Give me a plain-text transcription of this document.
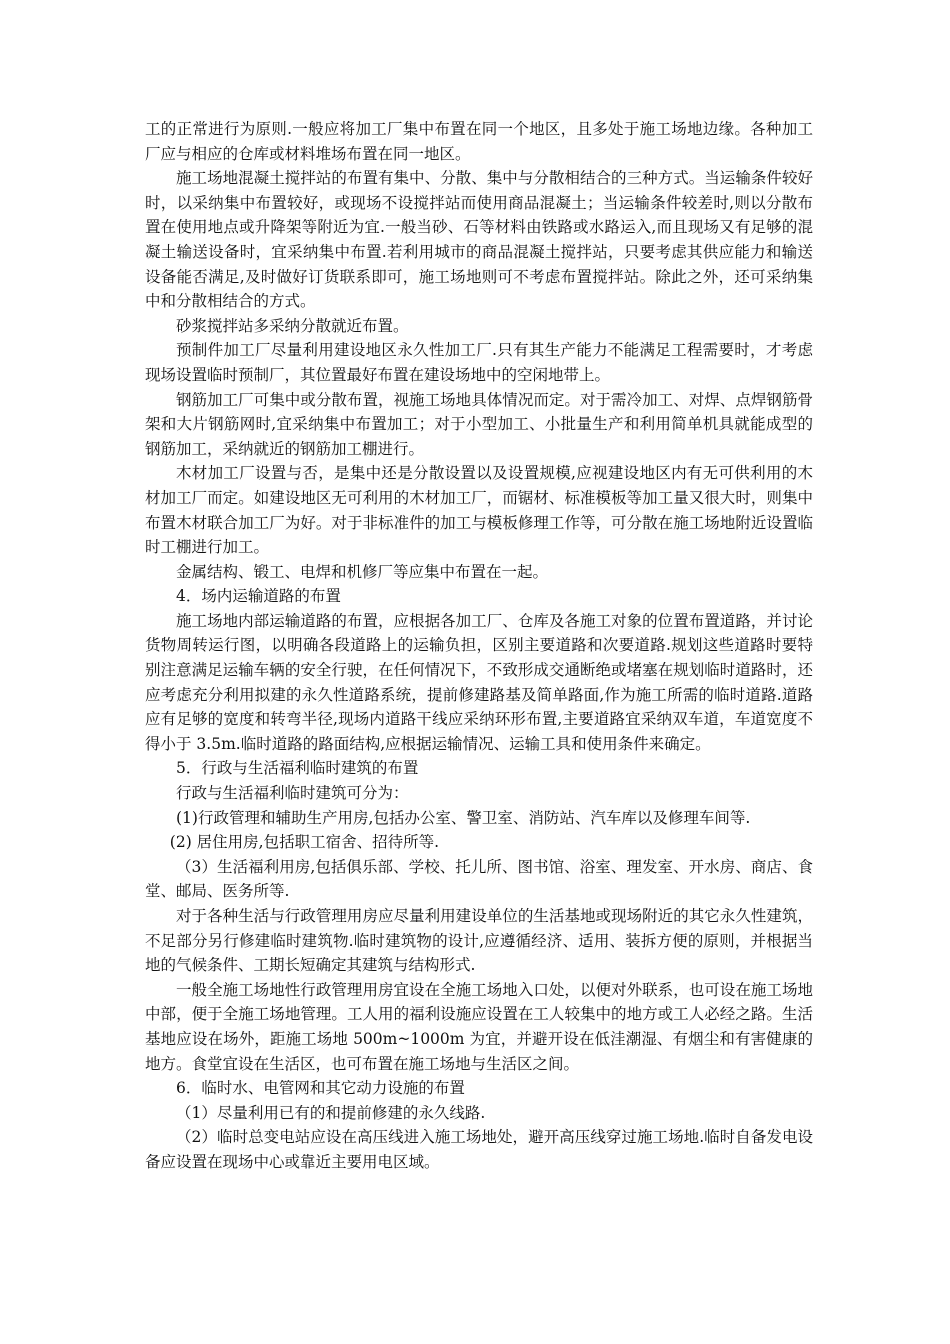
工的正常进行为原则.一般应将加工厂集中布置在同一个地区，且多处于施工场地边缘。各种加工厂应与相应的仓库或材料堆场布置在同一地区。

施工场地混凝土搅拌站的布置有集中、分散、集中与分散相结合的三种方式。当运输条件较好时，以采纳集中布置较好，或现场不设搅拌站而使用商品混凝土；当运输条件较差时,则以分散布置在使用地点或升降架等附近为宜.一般当砂、石等材料由铁路或水路运入,而且现场又有足够的混凝土输送设备时，宜采纳集中布置.若利用城市的商品混凝土搅拌站，只要考虑其供应能力和输送设备能否满足,及时做好订货联系即可，施工场地则可不考虑布置搅拌站。除此之外，还可采纳集中和分散相结合的方式。

砂浆搅拌站多采纳分散就近布置。

预制件加工厂尽量利用建设地区永久性加工厂.只有其生产能力不能满足工程需要时，才考虑现场设置临时预制厂，其位置最好布置在建设场地中的空闲地带上。

钢筋加工厂可集中或分散布置，视施工场地具体情况而定。对于需冷加工、对焊、点焊钢筋骨架和大片钢筋网时,宜采纳集中布置加工；对于小型加工、小批量生产和利用简单机具就能成型的钢筋加工，采纳就近的钢筋加工棚进行。

木材加工厂设置与否，是集中还是分散设置以及设置规模,应视建设地区内有无可供利用的木材加工厂而定。如建设地区无可利用的木材加工厂，而锯材、标准模板等加工量又很大时，则集中布置木材联合加工厂为好。对于非标准件的加工与模板修理工作等，可分散在施工场地附近设置临时工棚进行加工。

金属结构、锻工、电焊和机修厂等应集中布置在一起。

4．场内运输道路的布置

施工场地内部运输道路的布置，应根据各加工厂、仓库及各施工对象的位置布置道路，并讨论货物周转运行图，以明确各段道路上的运输负担，区别主要道路和次要道路.规划这些道路时要特别注意满足运输车辆的安全行驶，在任何情况下，不致形成交通断绝或堵塞在规划临时道路时，还应考虑充分利用拟建的永久性道路系统，提前修建路基及简单路面,作为施工所需的临时道路.道路应有足够的宽度和转弯半径,现场内道路干线应采纳环形布置,主要道路宜采纳双车道，车道宽度不得小于 3.5m.临时道路的路面结构,应根据运输情况、运输工具和使用条件来确定。

5．行政与生活福利临时建筑的布置

行政与生活福利临时建筑可分为：

(1)行政管理和辅助生产用房,包括办公室、警卫室、消防站、汽车库以及修理车间等.

(2) 居住用房,包括职工宿舍、招待所等.

（3）生活福利用房,包括俱乐部、学校、托儿所、图书馆、浴室、理发室、开水房、商店、食堂、邮局、医务所等.

对于各种生活与行政管理用房应尽量利用建设单位的生活基地或现场附近的其它永久性建筑，不足部分另行修建临时建筑物.临时建筑物的设计,应遵循经济、适用、装拆方便的原则，并根据当地的气候条件、工期长短确定其建筑与结构形式.

一般全施工场地性行政管理用房宜设在全施工场地入口处，以便对外联系，也可设在施工场地中部，便于全施工场地管理。工人用的福利设施应设置在工人较集中的地方或工人必经之路。生活基地应设在场外，距施工场地 500m~1000m 为宜，并避开设在低洼潮湿、有烟尘和有害健康的地方。食堂宜设在生活区，也可布置在施工场地与生活区之间。

6．临时水、电管网和其它动力设施的布置

（1）尽量利用已有的和提前修建的永久线路.

（2）临时总变电站应设在高压线进入施工场地处，避开高压线穿过施工场地.临时自备发电设备应设置在现场中心或靠近主要用电区域。
